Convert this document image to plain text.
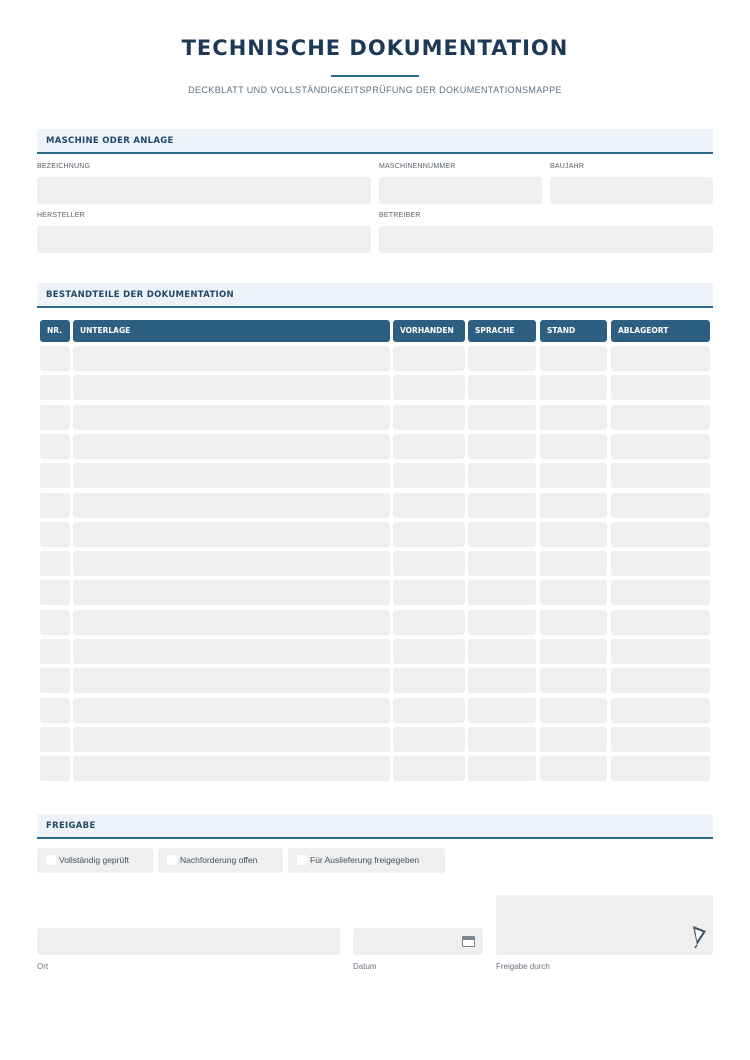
TECHNISCHE DOKUMENTATION
DECKBLATT UND VOLLSTÄNDIGKEITSPRÜFUNG DER DOKUMENTATIONSMAPPE
MASCHINE ODER ANLAGE
BEZEICHNUNG	MASCHINENNUMMER	BAUJAHR
HERSTELLER	BETREIBER
BESTANDTEILE DER DOKUMENTATION
NR.	UNTERLAGE	VORHANDEN	SPRACHE	STAND	ABLAGEORT
FREIGABE
Vollständig geprüft	Nachforderung offen	Für Auslieferung freigegeben
Ort	Datum	Freigabe durch
